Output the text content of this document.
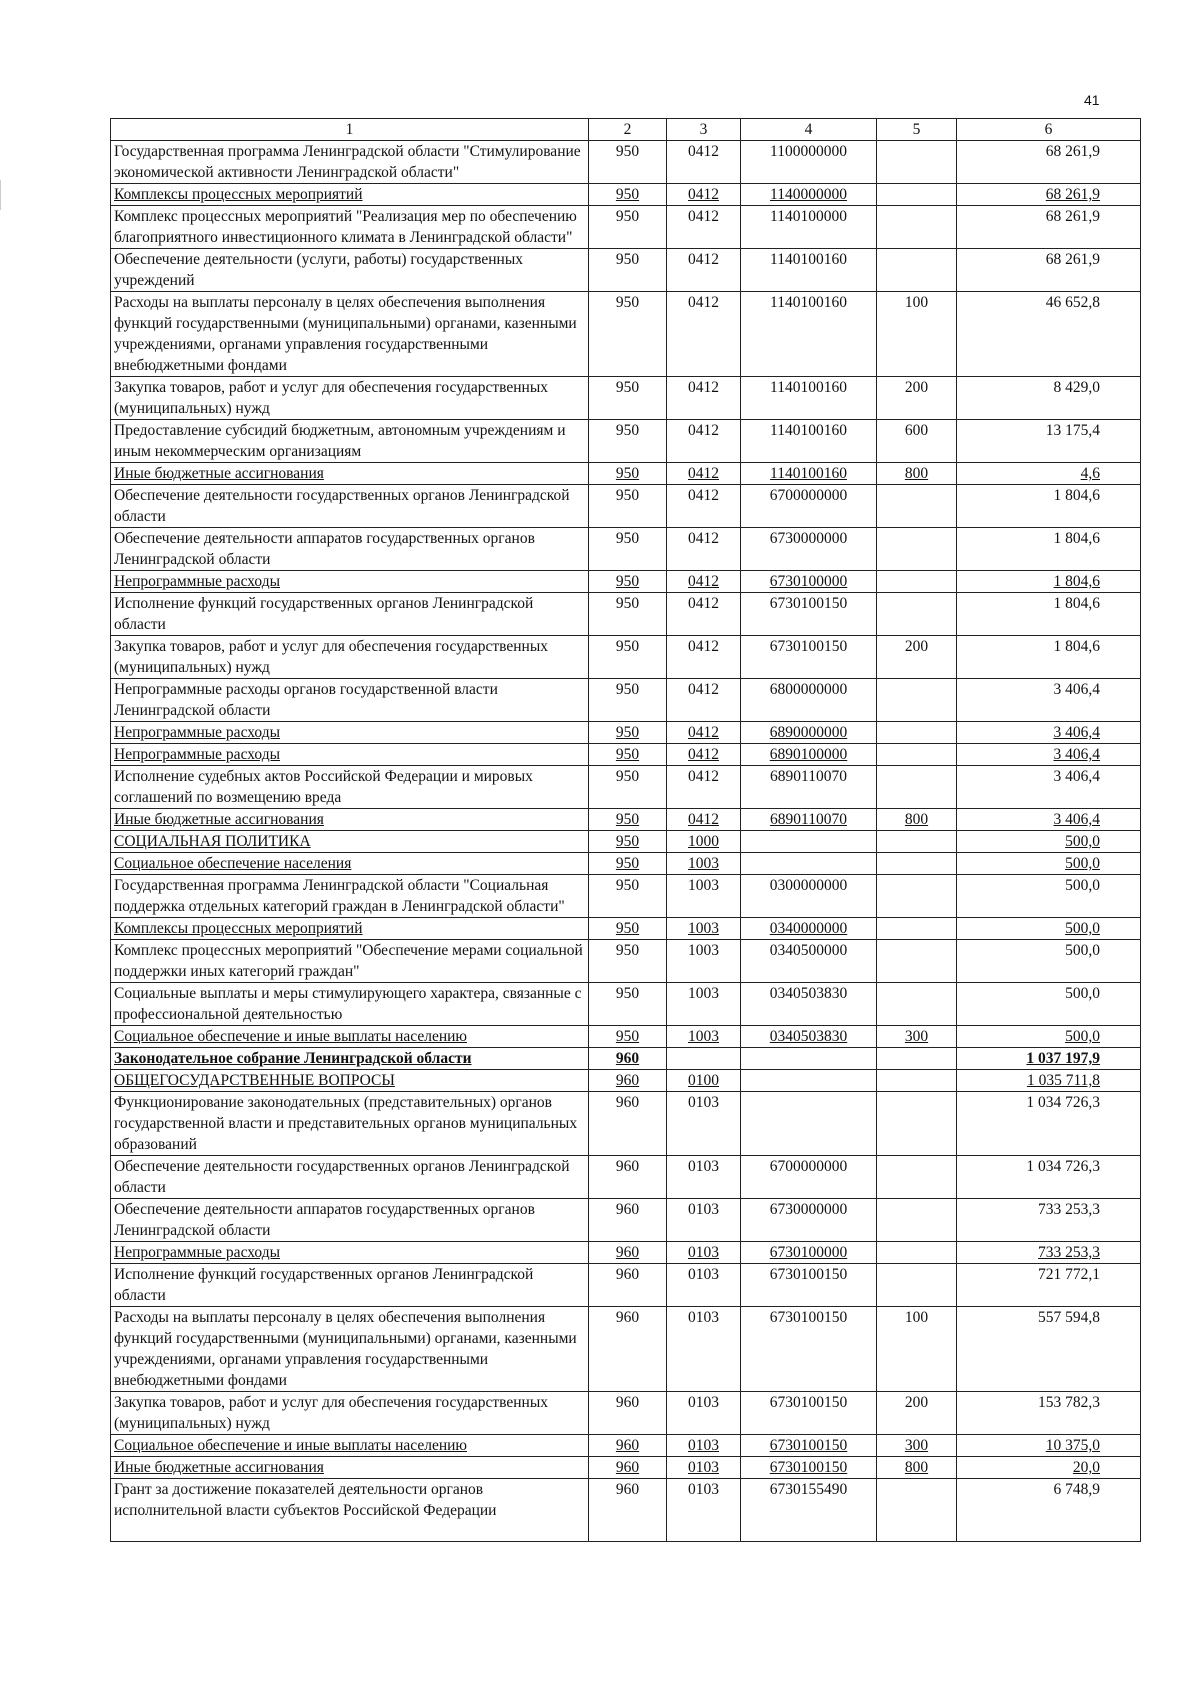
41
1	2	3	4	5	6
Государственная программа Ленинградской области "Стимулирование экономической активности Ленинградской области"	950	0412	1100000000		68 261,9
Комплексы процессных мероприятий	950	0412	1140000000		68 261,9
Комплекс процессных мероприятий "Реализация мер по обеспечению благоприятного инвестиционного климата в Ленинградской области"	950	0412	1140100000		68 261,9
Обеспечение деятельности (услуги, работы) государственных учреждений	950	0412	1140100160		68 261,9
Расходы на выплаты персоналу в целях обеспечения выполнения функций государственными (муниципальными) органами, казенными учреждениями, органами управления государственными внебюджетными фондами	950	0412	1140100160	100	46 652,8
Закупка товаров, работ и услуг для обеспечения государственных (муниципальных) нужд	950	0412	1140100160	200	8 429,0
Предоставление субсидий бюджетным, автономным учреждениям и иным некоммерческим организациям	950	0412	1140100160	600	13 175,4
Иные бюджетные ассигнования	950	0412	1140100160	800	4,6
Обеспечение деятельности государственных органов Ленинградской области	950	0412	6700000000		1 804,6
Обеспечение деятельности аппаратов государственных органов Ленинградской области	950	0412	6730000000		1 804,6
Непрограммные расходы	950	0412	6730100000		1 804,6
Исполнение функций государственных органов Ленинградской области	950	0412	6730100150		1 804,6
Закупка товаров, работ и услуг для обеспечения государственных (муниципальных) нужд	950	0412	6730100150	200	1 804,6
Непрограммные расходы органов государственной власти Ленинградской области	950	0412	6800000000		3 406,4
Непрограммные расходы	950	0412	6890000000		3 406,4
Непрограммные расходы	950	0412	6890100000		3 406,4
Исполнение судебных актов Российской Федерации и мировых соглашений по возмещению вреда	950	0412	6890110070		3 406,4
Иные бюджетные ассигнования	950	0412	6890110070	800	3 406,4
СОЦИАЛЬНАЯ ПОЛИТИКА	950	1000			500,0
Социальное обеспечение населения	950	1003			500,0
Государственная программа Ленинградской области "Социальная поддержка отдельных категорий граждан в Ленинградской области"	950	1003	0300000000		500,0
Комплексы процессных мероприятий	950	1003	0340000000		500,0
Комплекс процессных мероприятий "Обеспечение мерами социальной поддержки иных категорий граждан"	950	1003	0340500000		500,0
Социальные выплаты и меры стимулирующего характера, связанные с профессиональной деятельностью	950	1003	0340503830		500,0
Социальное обеспечение и иные выплаты населению	950	1003	0340503830	300	500,0
Законодательное собрание Ленинградской области	960				1 037 197,9
ОБЩЕГОСУДАРСТВЕННЫЕ ВОПРОСЫ	960	0100			1 035 711,8
Функционирование законодательных (представительных) органов государственной власти и представительных органов муниципальных образований	960	0103			1 034 726,3
Обеспечение деятельности государственных органов Ленинградской области	960	0103	6700000000		1 034 726,3
Обеспечение деятельности аппаратов государственных органов Ленинградской области	960	0103	6730000000		733 253,3
Непрограммные расходы	960	0103	6730100000		733 253,3
Исполнение функций государственных органов Ленинградской области	960	0103	6730100150		721 772,1
Расходы на выплаты персоналу в целях обеспечения выполнения функций государственными (муниципальными) органами, казенными учреждениями, органами управления государственными внебюджетными фондами	960	0103	6730100150	100	557 594,8
Закупка товаров, работ и услуг для обеспечения государственных (муниципальных) нужд	960	0103	6730100150	200	153 782,3
Социальное обеспечение и иные выплаты населению	960	0103	6730100150	300	10 375,0
Иные бюджетные ассигнования	960	0103	6730100150	800	20,0
Грант за достижение показателей деятельности органов исполнительной власти субъектов Российской Федерации	960	0103	6730155490		6 748,9
